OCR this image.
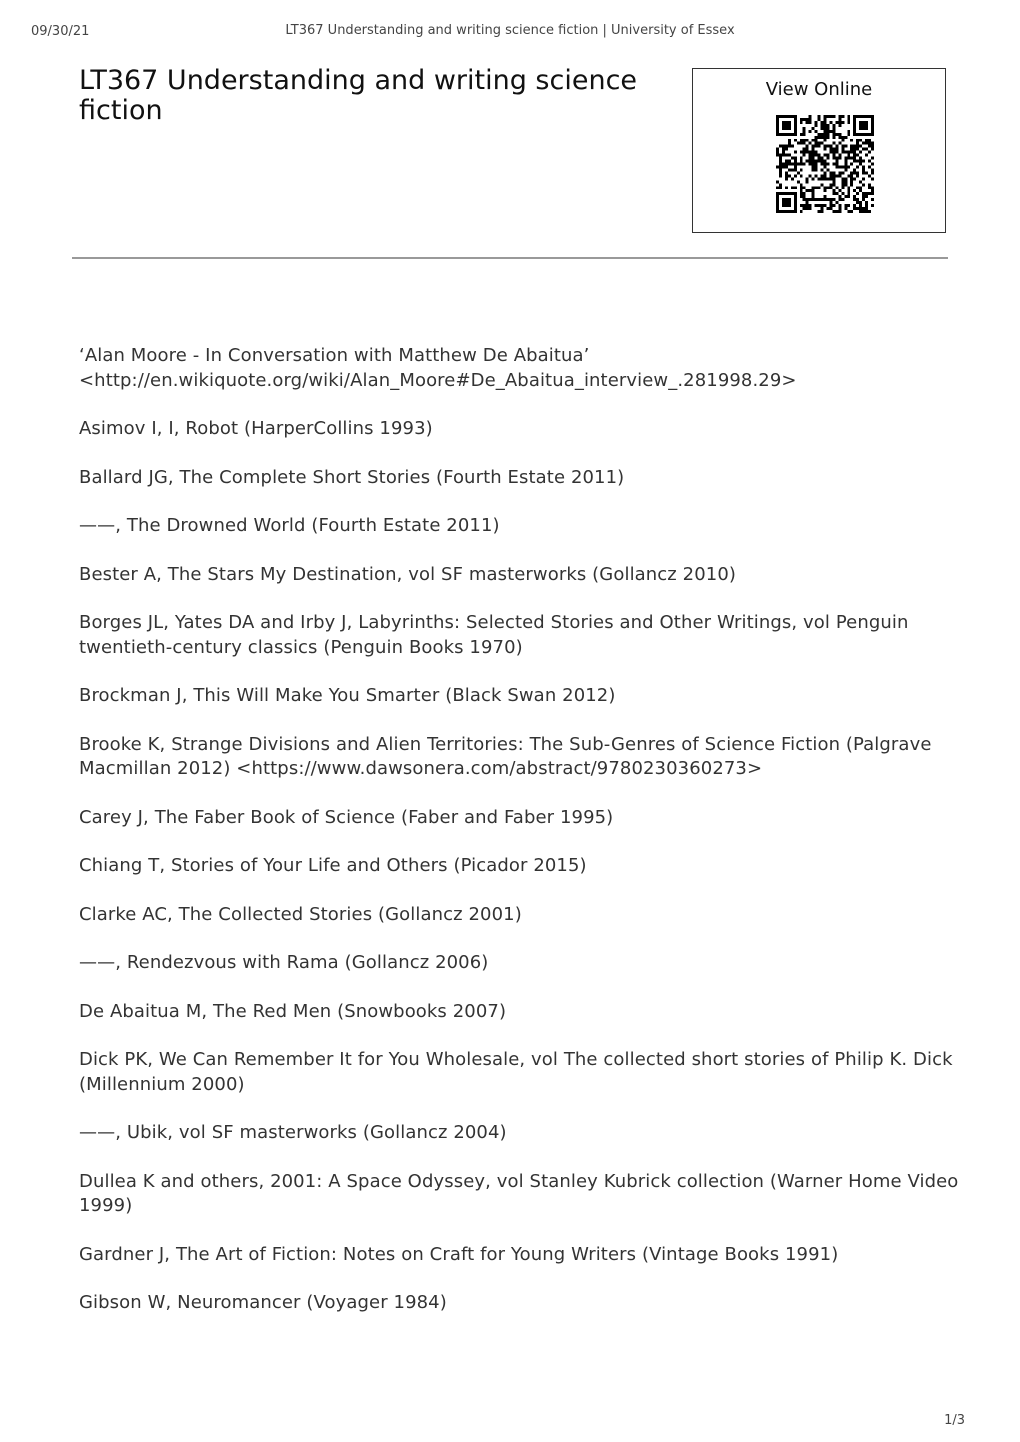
09/30/21	LT367 Understanding and writing science fiction | University of Essex
LT367 Understanding and writing science fiction
View Online

‘Alan Moore - In Conversation with Matthew De Abaitua’ <http://en.wikiquote.org/wiki/Alan_Moore#De_Abaitua_interview_.281998.29>

Asimov I, I, Robot (HarperCollins 1993)

Ballard JG, The Complete Short Stories (Fourth Estate 2011)

——, The Drowned World (Fourth Estate 2011)

Bester A, The Stars My Destination, vol SF masterworks (Gollancz 2010)

Borges JL, Yates DA and Irby J, Labyrinths: Selected Stories and Other Writings, vol Penguin twentieth-century classics (Penguin Books 1970)

Brockman J, This Will Make You Smarter (Black Swan 2012)

Brooke K, Strange Divisions and Alien Territories: The Sub-Genres of Science Fiction (Palgrave Macmillan 2012) <https://www.dawsonera.com/abstract/9780230360273>

Carey J, The Faber Book of Science (Faber and Faber 1995)

Chiang T, Stories of Your Life and Others (Picador 2015)

Clarke AC, The Collected Stories (Gollancz 2001)

——, Rendezvous with Rama (Gollancz 2006)

De Abaitua M, The Red Men (Snowbooks 2007)

Dick PK, We Can Remember It for You Wholesale, vol The collected short stories of Philip K. Dick (Millennium 2000)

——, Ubik, vol SF masterworks (Gollancz 2004)

Dullea K and others, 2001: A Space Odyssey, vol Stanley Kubrick collection (Warner Home Video 1999)

Gardner J, The Art of Fiction: Notes on Craft for Young Writers (Vintage Books 1991)

Gibson W, Neuromancer (Voyager 1984)

1/3
